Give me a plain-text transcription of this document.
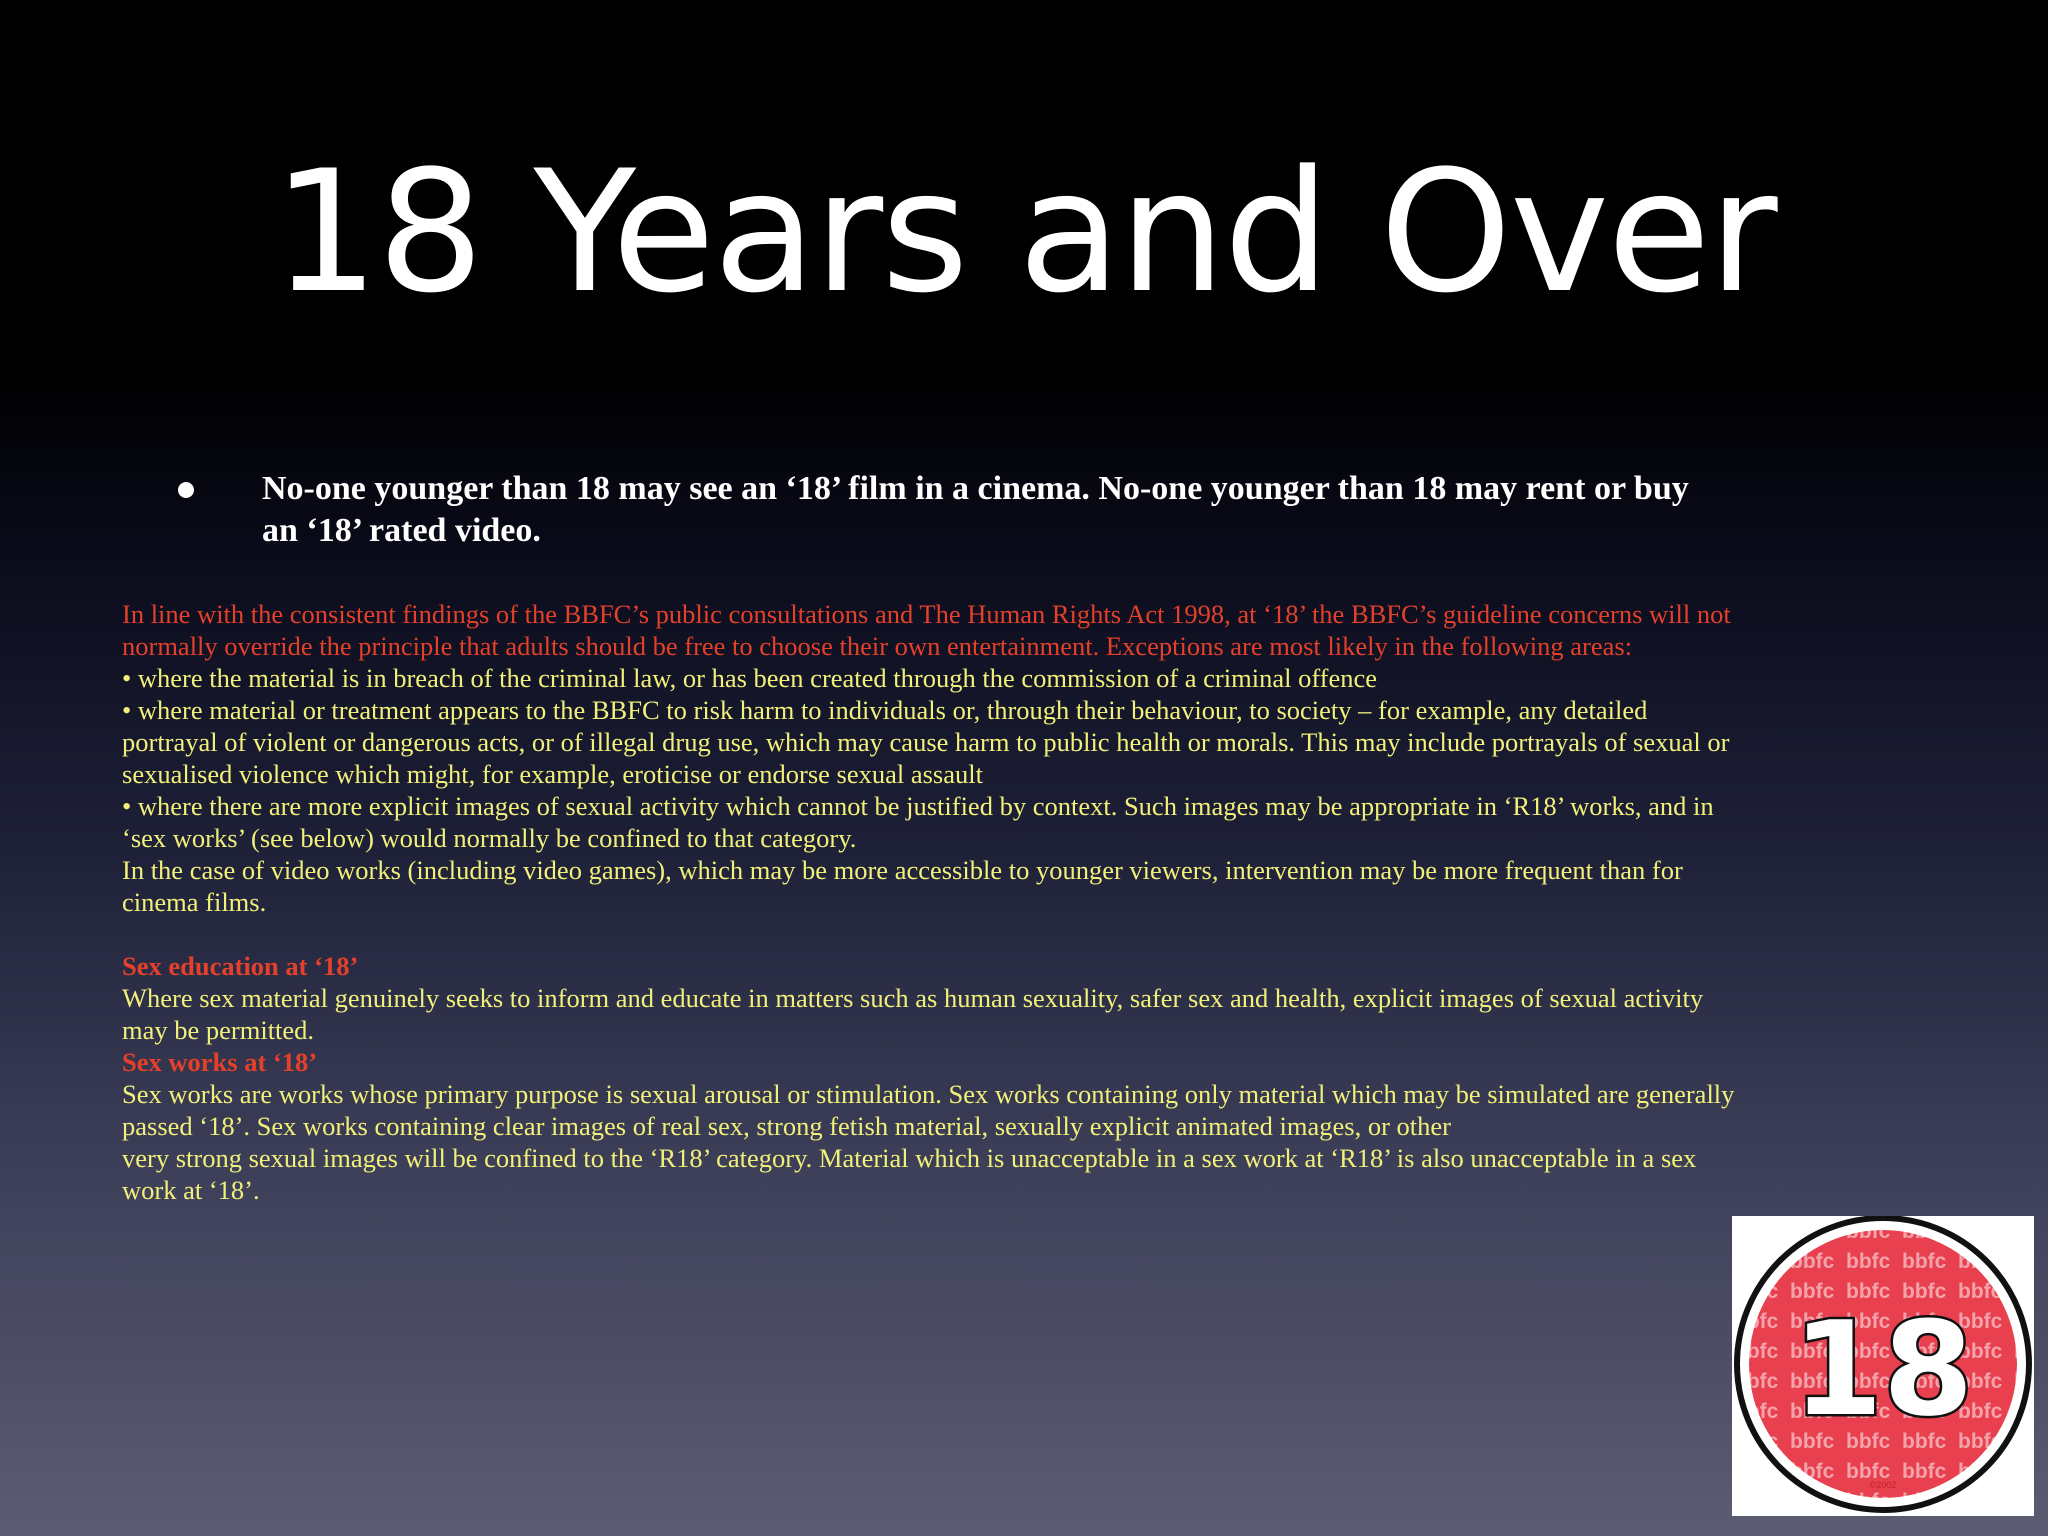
18 Years and Over
No-one younger than 18 may see an ‘18’ film in a cinema. No-one younger than 18 may rent or buy an ‘18’ rated video.

In line with the consistent findings of the BBFC’s public consultations and The Human Rights Act 1998, at ‘18’ the BBFC’s guideline concerns will not normally override the principle that adults should be free to choose their own entertainment. Exceptions are most likely in the following areas:

• where the material is in breach of the criminal law, or has been created through the commission of a criminal offence

• where material or treatment appears to the BBFC to risk harm to individuals or, through their behaviour, to society – for example, any detailed portrayal of violent or dangerous acts, or of illegal drug use, which may cause harm to public health or morals. This may include portrayals of sexual or sexualised violence which might, for example, eroticise or endorse sexual assault

• where there are more explicit images of sexual activity which cannot be justified by context. Such images may be appropriate in ‘R18’ works, and in ‘sex works’ (see below) would normally be confined to that category.

In the case of video works (including video games), which may be more accessible to younger viewers, intervention may be more frequent than for cinema films.

Sex education at ‘18’

Where sex material genuinely seeks to inform and educate in matters such as human sexuality, safer sex and health, explicit images of sexual activity may be permitted.

Sex works at ‘18’

Sex works are works whose primary purpose is sexual arousal or stimulation. Sex works containing only material which may be simulated are generally passed ‘18’. Sex works containing clear images of real sex, strong fetish material, sexually explicit animated images, or other

very strong sexual images will be confined to the ‘R18’ category. Material which is unacceptable in a sex work at ‘R18’ is also unacceptable in a sex work at ‘18’.

18
©2002
